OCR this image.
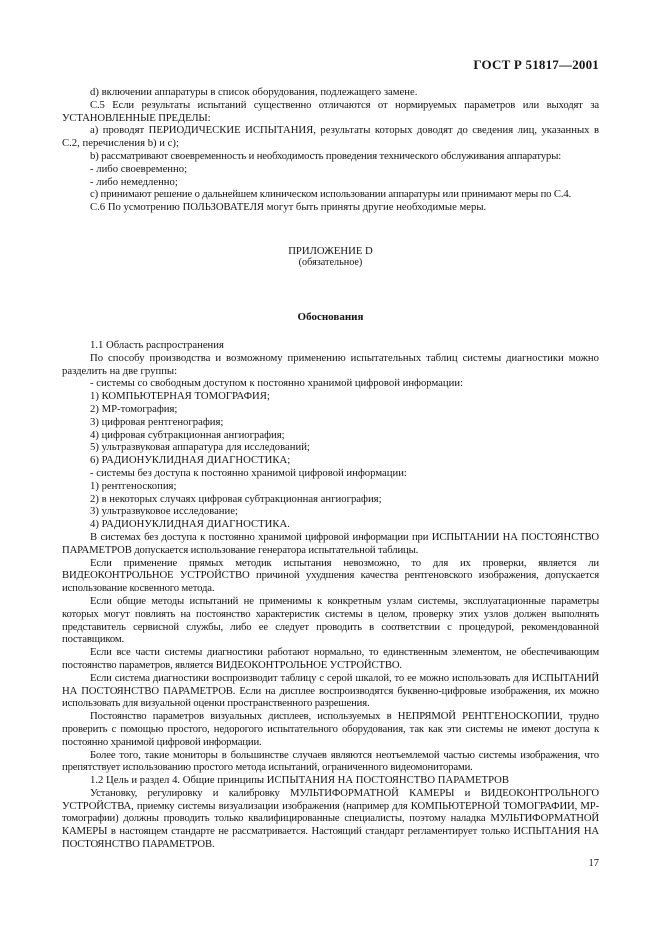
ГОСТ Р 51817—2001

d) включении аппаратуры в список оборудования, подлежащего замене.

С.5 Если результаты испытаний существенно отличаются от нормируемых параметров или выходят за УСТАНОВЛЕННЫЕ ПРЕДЕЛЫ:

а) проводят ПЕРИОДИЧЕСКИЕ ИСПЫТАНИЯ, результаты которых доводят до сведения лиц, указанных в С.2, перечисления b) и с);

b) рассматривают своевременность и необходимость проведения технического обслуживания аппаратуры:

- либо своевременно;

- либо немедленно;

с) принимают решение о дальнейшем клиническом использовании аппаратуры или принимают меры по С.4.

С.6 По усмотрению ПОЛЬЗОВАТЕЛЯ могут быть приняты другие необходимые меры.

ПРИЛОЖЕНИЕ D
(обязательное)
Обоснования

1.1 Область распространения

По способу производства и возможному применению испытательных таблиц системы диагностики можно разделить на две группы:

- системы со свободным доступом к постоянно хранимой цифровой информации:

1) КОМПЬЮТЕРНАЯ ТОМОГРАФИЯ;

2) МР-томография;

3) цифровая рентгенография;

4) цифровая субтракционная ангиография;

5) ультразвуковая аппаратура для исследований;

6) РАДИОНУКЛИДНАЯ ДИАГНОСТИКА;

- системы без доступа к постоянно хранимой цифровой информации:

1) рентгеноскопия;

2) в некоторых случаях цифровая субтракционная ангиография;

3) ультразвуковое исследование;

4) РАДИОНУКЛИДНАЯ ДИАГНОСТИКА.

В системах без доступа к постоянно хранимой цифровой информации при ИСПЫТАНИИ НА ПОСТОЯНСТВО ПАРАМЕТРОВ допускается использование генератора испытательной таблицы.

Если применение прямых методик испытания невозможно, то для их проверки, является ли ВИДЕОКОНТРОЛЬНОЕ УСТРОЙСТВО причиной ухудшения качества рентгеновского изображения, допускается использование косвенного метода.

Если общие методы испытаний не применимы к конкретным узлам системы, эксплуатационные параметры которых могут повлиять на постоянство характеристик системы в целом, проверку этих узлов должен выполнять представитель сервисной службы, либо ее следует проводить в соответствии с процедурой, рекомендованной поставщиком.

Если все части системы диагностики работают нормально, то единственным элементом, не обеспечивающим постоянство параметров, является ВИДЕОКОНТРОЛЬНОЕ УСТРОЙСТВО.

Если система диагностики воспроизводит таблицу с серой шкалой, то ее можно использовать для ИСПЫТАНИЙ НА ПОСТОЯНСТВО ПАРАМЕТРОВ. Если на дисплее воспроизводятся буквенно-цифровые изображения, их можно использовать для визуальной оценки пространственного разрешения.

Постоянство параметров визуальных дисплеев, используемых в НЕПРЯМОЙ РЕНТГЕНОСКОПИИ, трудно проверить с помощью простого, недорогого испытательного оборудования, так как эти системы не имеют доступа к постоянно хранимой цифровой информации.

Более того, такие мониторы в большинстве случаев являются неотъемлемой частью системы изображения, что препятствует использованию простого метода испытаний, ограниченного видеомониторами.

1.2 Цель и раздел 4. Общие принципы ИСПЫТАНИЯ НА ПОСТОЯНСТВО ПАРАМЕТРОВ

Установку, регулировку и калибровку МУЛЬТИФОРМАТНОЙ КАМЕРЫ и ВИДЕОКОНТРОЛЬНОГО УСТРОЙСТВА, приемку системы визуализации изображения (например для КОМПЬЮТЕРНОЙ ТОМОГРАФИИ, МР-томографии) должны проводить только квалифицированные специалисты, поэтому наладка МУЛЬТИФОРМАТНОЙ КАМЕРЫ в настоящем стандарте не рассматривается. Настоящий стандарт регламентирует только ИСПЫТАНИЯ НА ПОСТОЯНСТВО ПАРАМЕТРОВ.

17
